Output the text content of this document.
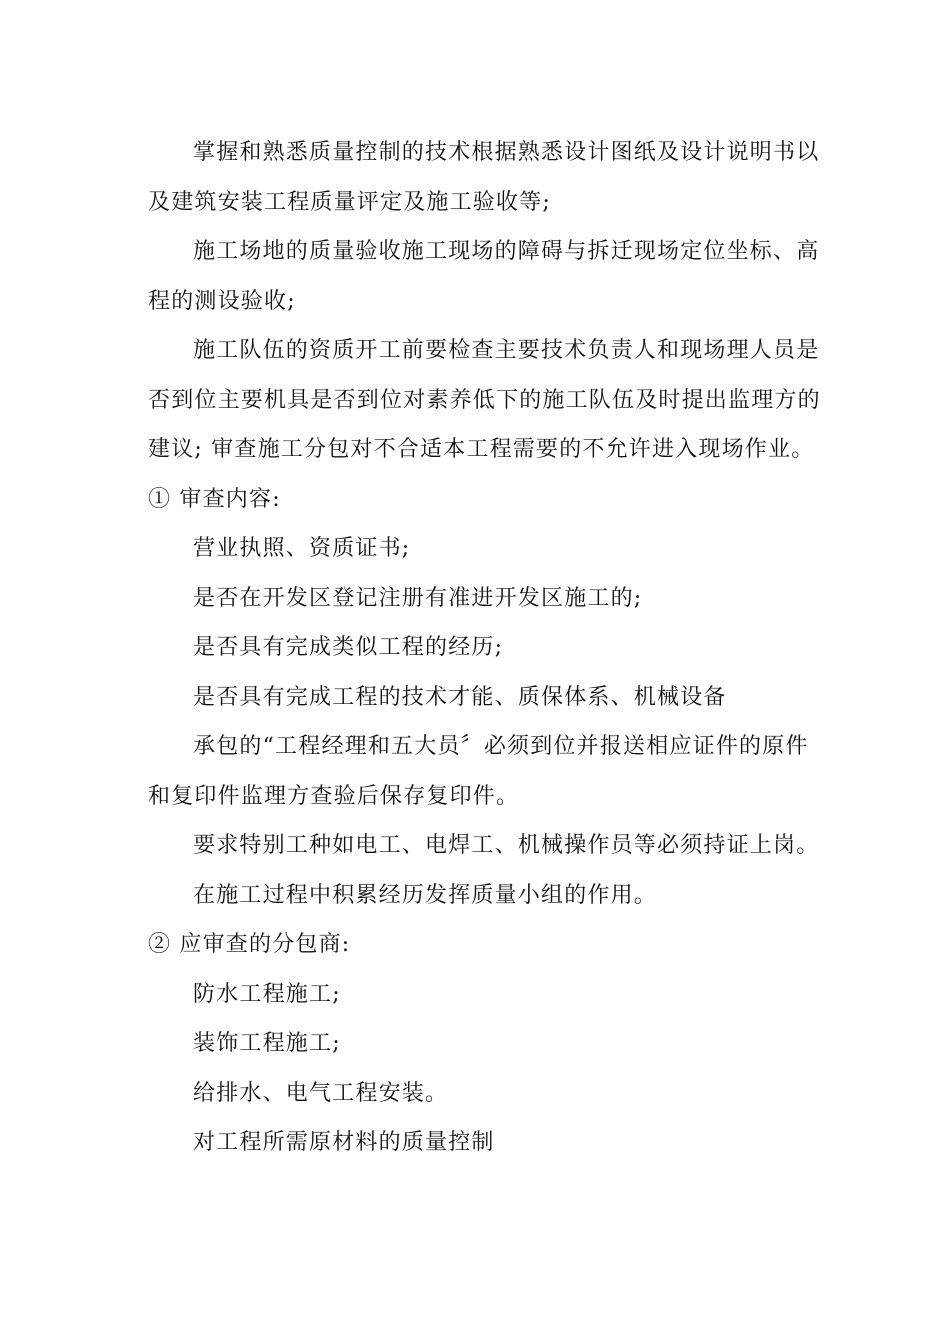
掌握和熟悉质量控制的技术根据熟悉设计图纸及设计说明书以
及建筑安装工程质量评定及施工验收等;
施工场地的质量验收施工现场的障碍与拆迁现场定位坐标、高
程的测设验收;
施工队伍的资质开工前要检查主要技术负责人和现场理人员是
否到位主要机具是否到位对素养低下的施工队伍及时提出监理方的
建议; 审查施工分包对不合适本工程需要的不允许进入现场作业。
① 审查内容:
营业执照、资质证书;
是否在开发区登记注册有准进开发区施工的;
是否具有完成类似工程的经历;
是否具有完成工程的技术才能、质保体系、机械设备
承包的“工程经理和五大员〞必须到位并报送相应证件的原件
和复印件监理方查验后保存复印件。
要求特别工种如电工、电焊工、机械操作员等必须持证上岗。
在施工过程中积累经历发挥质量小组的作用。
② 应审查的分包商:
防水工程施工;
装饰工程施工;
给排水、电气工程安装。
对工程所需原材料的质量控制
